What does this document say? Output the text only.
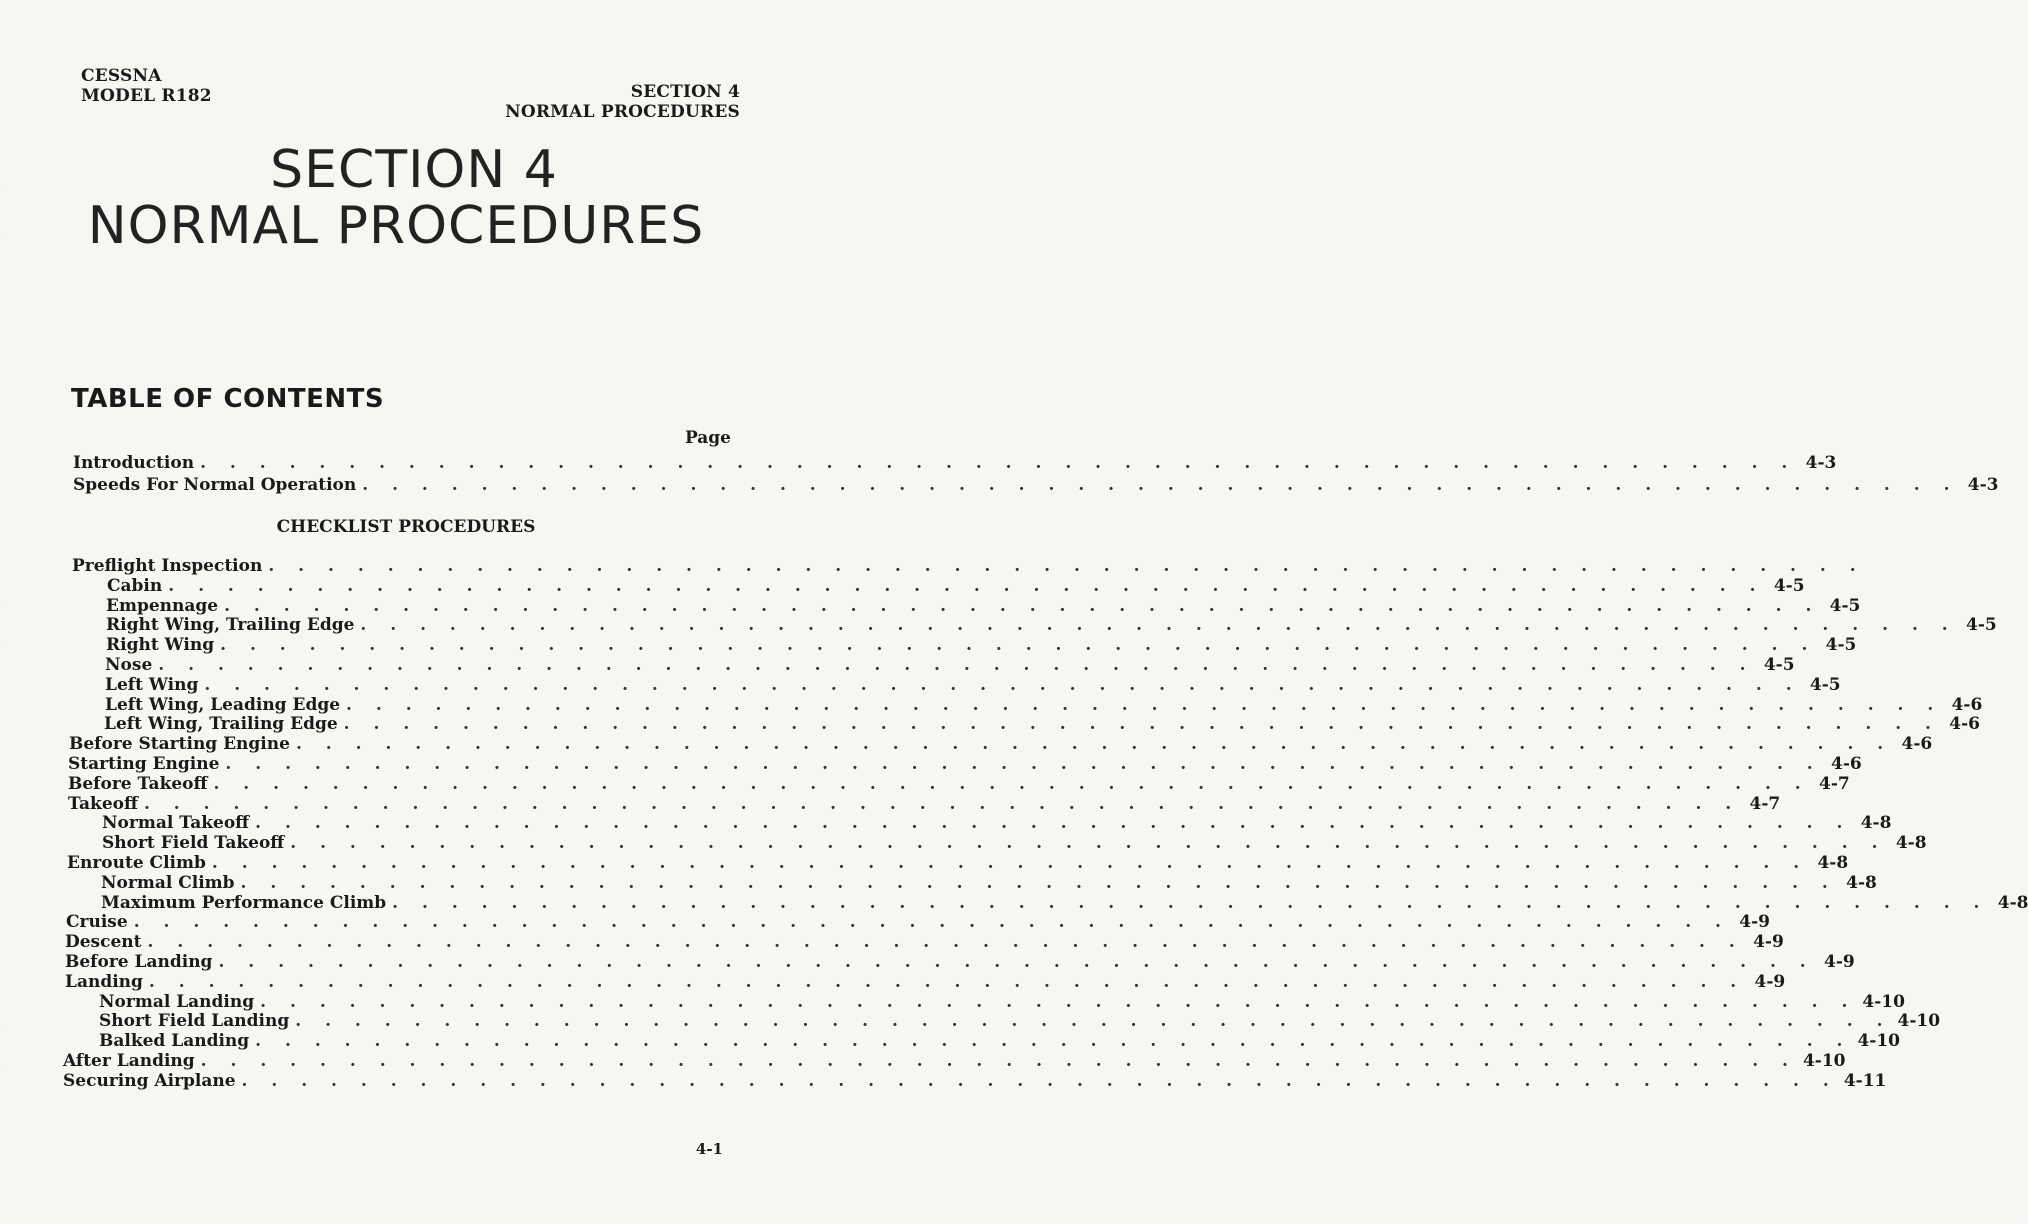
CESSNA
MODEL R182	SECTION 4
NORMAL PROCEDURES
SECTION 4
NORMAL PROCEDURES
TABLE OF CONTENTS
Page
CHECKLIST PROCEDURES
Introduction . . . . . . . . . . . . . . . . . . . . . . . . . . . . . . . . . . . . . . . . . . . . . . . . . . . . . . 4-3
Speeds For Normal Operation . . . . . . . . . . . . . . . . . . . . . . . . . . . . . . . . . . . . . . . . . . . . . . . . . . . . . . 4-3
Preflight Inspection . . . . . . . . . . . . . . . . . . . . . . . . . . . . . . . . . . . . . . . . . . . . . . . . . . . . . .
Cabin . . . . . . . . . . . . . . . . . . . . . . . . . . . . . . . . . . . . . . . . . . . . . . . . . . . . . . 4-5
Empennage . . . . . . . . . . . . . . . . . . . . . . . . . . . . . . . . . . . . . . . . . . . . . . . . . . . . . . 4-5
Right Wing, Trailing Edge . . . . . . . . . . . . . . . . . . . . . . . . . . . . . . . . . . . . . . . . . . . . . . . . . . . . . . 4-5
Right Wing . . . . . . . . . . . . . . . . . . . . . . . . . . . . . . . . . . . . . . . . . . . . . . . . . . . . . . 4-5
Nose . . . . . . . . . . . . . . . . . . . . . . . . . . . . . . . . . . . . . . . . . . . . . . . . . . . . . . 4-5
Left Wing . . . . . . . . . . . . . . . . . . . . . . . . . . . . . . . . . . . . . . . . . . . . . . . . . . . . . . 4-5
Left Wing, Leading Edge . . . . . . . . . . . . . . . . . . . . . . . . . . . . . . . . . . . . . . . . . . . . . . . . . . . . . . 4-6
Left Wing, Trailing Edge . . . . . . . . . . . . . . . . . . . . . . . . . . . . . . . . . . . . . . . . . . . . . . . . . . . . . . 4-6
Before Starting Engine . . . . . . . . . . . . . . . . . . . . . . . . . . . . . . . . . . . . . . . . . . . . . . . . . . . . . . 4-6
Starting Engine . . . . . . . . . . . . . . . . . . . . . . . . . . . . . . . . . . . . . . . . . . . . . . . . . . . . . . 4-6
Before Takeoff . . . . . . . . . . . . . . . . . . . . . . . . . . . . . . . . . . . . . . . . . . . . . . . . . . . . . . 4-7
Takeoff . . . . . . . . . . . . . . . . . . . . . . . . . . . . . . . . . . . . . . . . . . . . . . . . . . . . . . 4-7
Normal Takeoff . . . . . . . . . . . . . . . . . . . . . . . . . . . . . . . . . . . . . . . . . . . . . . . . . . . . . . 4-8
Short Field Takeoff . . . . . . . . . . . . . . . . . . . . . . . . . . . . . . . . . . . . . . . . . . . . . . . . . . . . . . 4-8
Enroute Climb . . . . . . . . . . . . . . . . . . . . . . . . . . . . . . . . . . . . . . . . . . . . . . . . . . . . . . 4-8
Normal Climb . . . . . . . . . . . . . . . . . . . . . . . . . . . . . . . . . . . . . . . . . . . . . . . . . . . . . . 4-8
Maximum Performance Climb . . . . . . . . . . . . . . . . . . . . . . . . . . . . . . . . . . . . . . . . . . . . . . . . . . . . . . 4-8
Cruise . . . . . . . . . . . . . . . . . . . . . . . . . . . . . . . . . . . . . . . . . . . . . . . . . . . . . . 4-9
Descent . . . . . . . . . . . . . . . . . . . . . . . . . . . . . . . . . . . . . . . . . . . . . . . . . . . . . . 4-9
Before Landing . . . . . . . . . . . . . . . . . . . . . . . . . . . . . . . . . . . . . . . . . . . . . . . . . . . . . . 4-9
Landing . . . . . . . . . . . . . . . . . . . . . . . . . . . . . . . . . . . . . . . . . . . . . . . . . . . . . . 4-9
Normal Landing . . . . . . . . . . . . . . . . . . . . . . . . . . . . . . . . . . . . . . . . . . . . . . . . . . . . . . 4-10
Short Field Landing . . . . . . . . . . . . . . . . . . . . . . . . . . . . . . . . . . . . . . . . . . . . . . . . . . . . . . 4-10
Balked Landing . . . . . . . . . . . . . . . . . . . . . . . . . . . . . . . . . . . . . . . . . . . . . . . . . . . . . . 4-10
After Landing . . . . . . . . . . . . . . . . . . . . . . . . . . . . . . . . . . . . . . . . . . . . . . . . . . . . . . 4-10
Securing Airplane . . . . . . . . . . . . . . . . . . . . . . . . . . . . . . . . . . . . . . . . . . . . . . . . . . . . . . 4-11
4-1
